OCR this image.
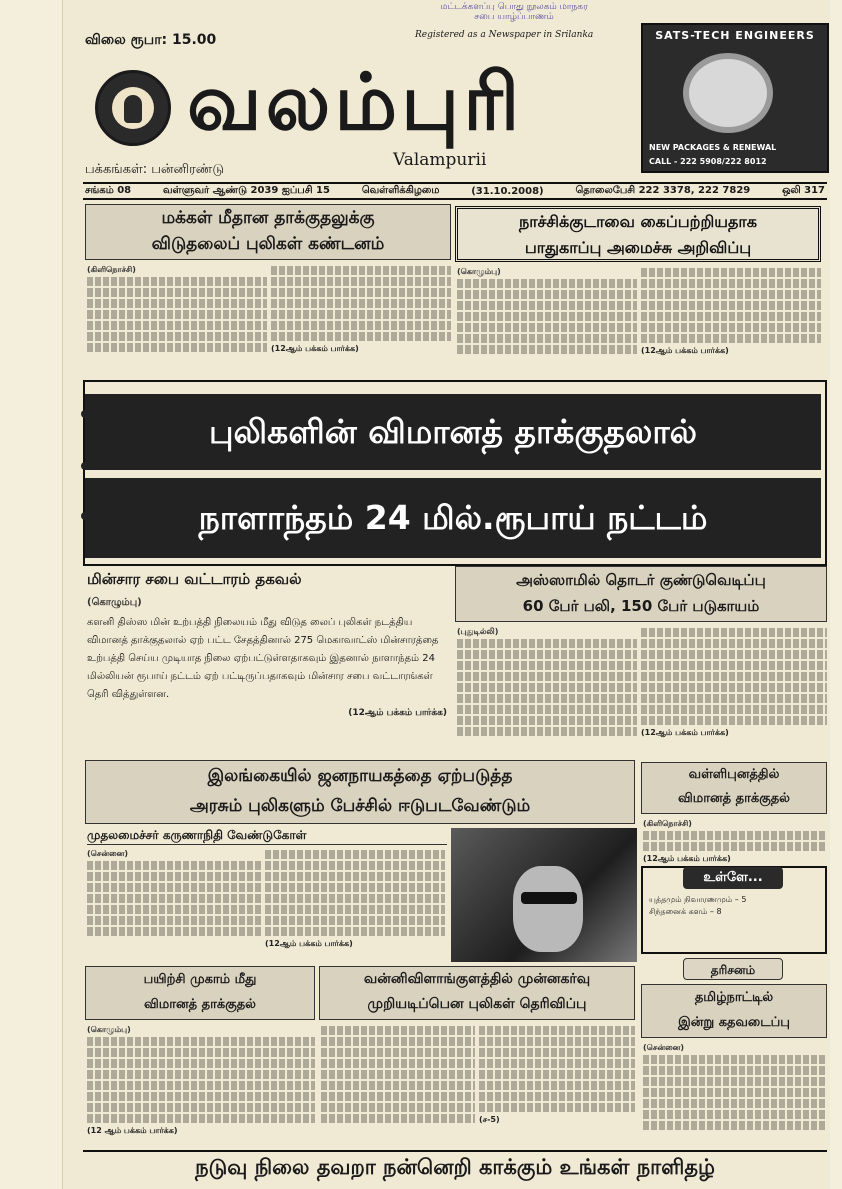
மட்டக்களப்பு பொது நூலகம் மாநகர சபை யாழ்ப்பாணம்
விலை ரூபா: 15.00	Registered as a Newspaper in Srilanka
வலம்புரி
Valampurii
பக்கங்கள்: பன்னிரண்டு
SATS-TECH ENGINEERS
NEW PACKAGES & RENEWAL
CALL - 222 5908/222 8012
சங்கம் 08	வள்ளுவர் ஆண்டு 2039 ஐப்பசி 15	வெள்ளிக்கிழமை	(31.10.2008)	தொலைபேசி 222 3378, 222 7829	ஒலி 317
மக்கள் மீதான தாக்குதலுக்கு
விடுதலைப் புலிகள் கண்டனம்
(கிளிநொச்சி)
(12ஆம் பக்கம் பார்க்க)
நாச்சிக்குடாவை கைப்பற்றியதாக
பாதுகாப்பு அமைச்சு அறிவிப்பு
(கொழும்பு)
(12ஆம் பக்கம் பார்க்க)
புலிகளின் விமானத் தாக்குதலால்
நாளாந்தம் 24 மில்.ரூபாய் நட்டம்
மின்சார சபை வட்டாரம் தகவல்
(கொழும்பு)
களனி திஸ்ஸ மின் உற்பத்தி நிலையம் மீது விடுத லைப் புலிகள் நடத்திய விமானத் தாக்குதலால் ஏற் பட்ட சேதத்தினால் 275 மெகாவாட்ஸ் மின்சாரத்தை உற்பத்தி செய்ய முடியாத நிலை ஏற்பட்டுள்ளதாகவும் இதனால் நாளாந்தம் 24 மில்லியன் ரூபாய் நட்டம் ஏற் பட்டிருப்பதாகவும் மின்சார சபை வட்டாரங்கள் தெரி வித்துள்ளன.
(12ஆம் பக்கம் பார்க்க)
அஸ்ஸாமில் தொடர் குண்டுவெடிப்பு
60 பேர் பலி, 150 பேர் படுகாயம்
(புதுடில்லி)
(12ஆம் பக்கம் பார்க்க)
இலங்கையில் ஜனநாயகத்தை ஏற்படுத்த
அரசும் புலிகளும் பேச்சில் ஈடுபடவேண்டும்
முதலமைச்சர் கருணாநிதி வேண்டுகோள்
(சென்னை)
(12ஆம் பக்கம் பார்க்க)
வள்ளிபுனத்தில்
விமானத் தாக்குதல்
(கிளிநொச்சி)
(12ஆம் பக்கம் பார்க்க)
உள்ளே...
யுத்தமும் நிவாரணமும் – 5
சிந்தனைக் களம் – 8
தரிசனம்
பயிற்சி முகாம் மீது
விமானத் தாக்குதல்
(கொழும்பு)
(12 ஆம் பக்கம் பார்க்க)
வன்னிவிளாங்குளத்தில் முன்னகர்வு
முறியடிப்பென புலிகள் தெரிவிப்பு
(ச-5)
தமிழ்நாட்டில்
இன்று கதவடைப்பு
(சென்னை)
நடுவு நிலை தவறா நன்னெறி காக்கும் உங்கள் நாளிதழ்
